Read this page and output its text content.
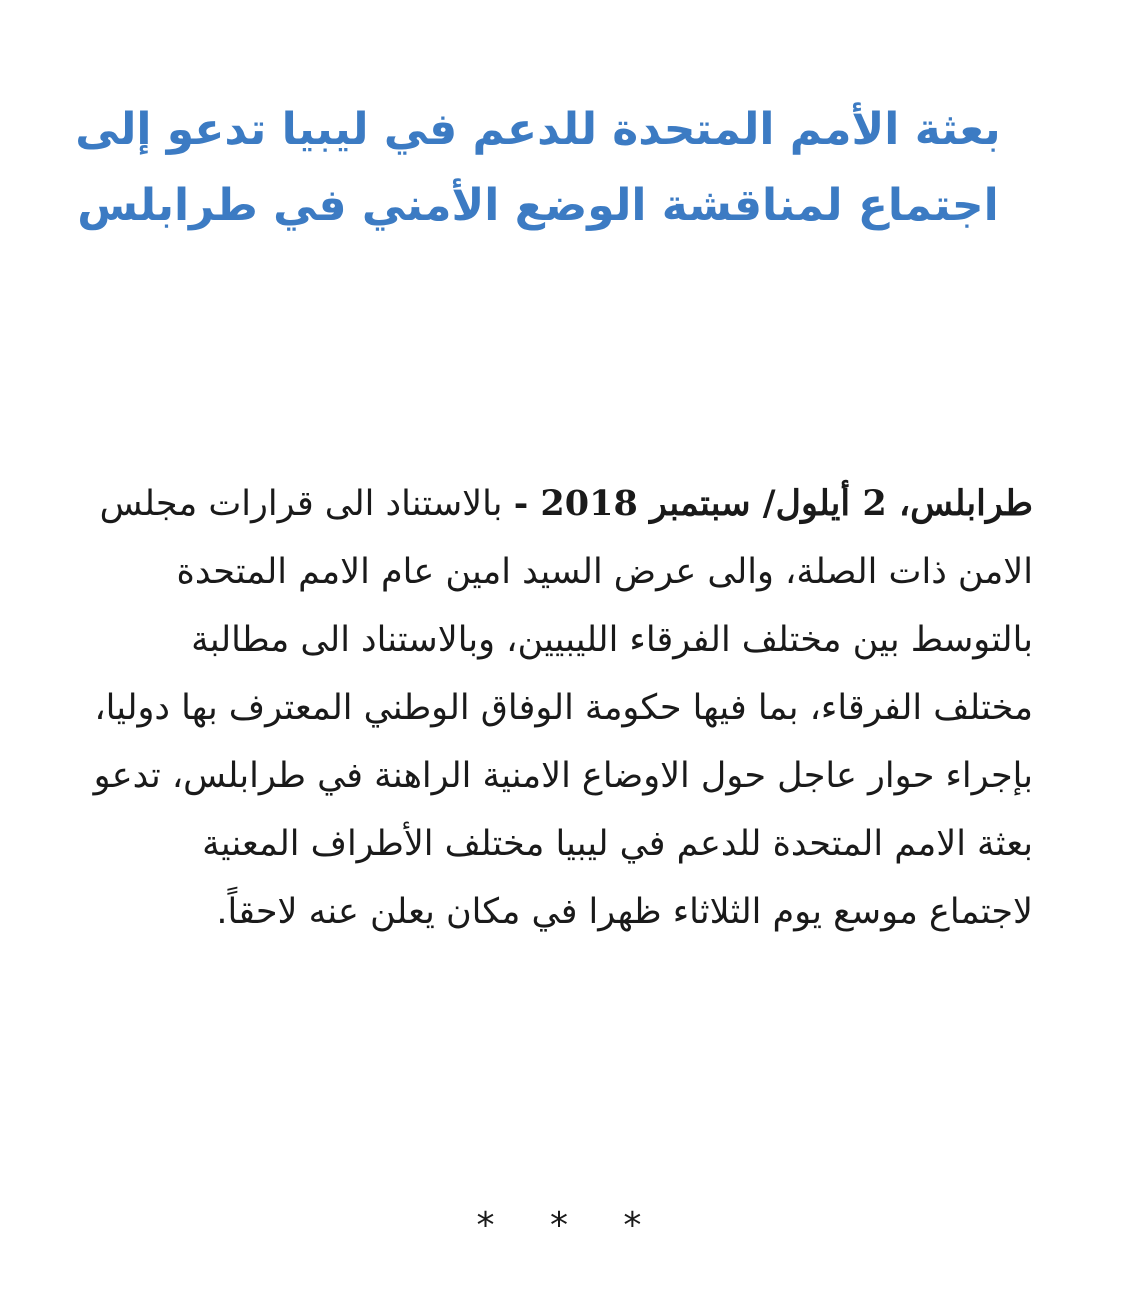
بعثة الأمم المتحدة للدعم في ليبيا تدعو إلى اجتماع لمناقشة الوضع الأمني في طرابلس

طرابلس، 2 أيلول/ سبتمبر 2018 - بالاستناد الى قرارات مجلس الامن ذات الصلة، والى عرض السيد امين عام الامم المتحدة بالتوسط بين مختلف الفرقاء الليبيين، وبالاستناد الى مطالبة مختلف الفرقاء، بما فيها حكومة الوفاق الوطني المعترف بها دوليا، بإجراء حوار عاجل حول الاوضاع الامنية الراهنة في طرابلس، تدعو بعثة الامم المتحدة للدعم في ليبيا مختلف الأطراف المعنية لاجتماع موسع يوم الثلاثاء ظهرا في مكان يعلن عنه لاحقاً.

* * *
